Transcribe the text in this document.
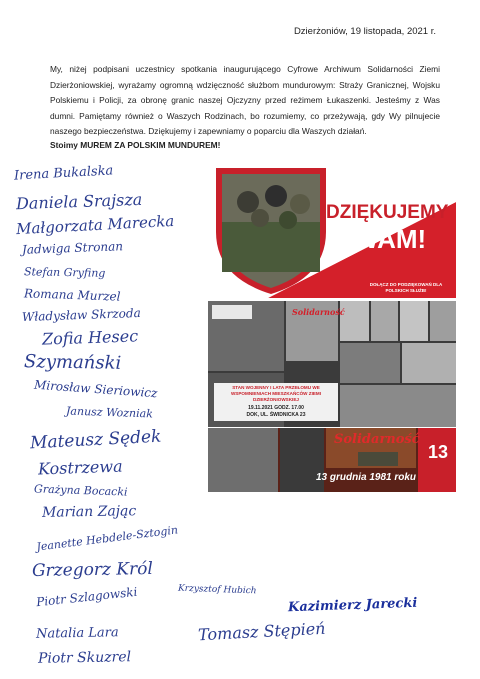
Dzierżoniów, 19 listopada, 2021 r.

My, niżej podpisani uczestnicy spotkania inaugurującego Cyfrowe Archiwum Solidarności Ziemi Dzierżoniowskiej, wyrażamy ogromną wdzięczność służbom mundurowym: Straży Granicznej, Wojsku Polskiemu i Policji, za obronę granic naszej Ojczyzny przed reżimem Łukaszenki. Jesteśmy z Was dumni. Pamiętamy również o Waszych Rodzinach, bo rozumiemy, co przeżywają, gdy Wy pilnujecie naszego bezpieczeństwa. Dziękujemy i zapewniamy o poparciu dla Waszych działań.

Stoimy MUREM ZA POLSKIM MUNDUREM!
Irena Bukalska
Daniela Srajsza
Małgorzata Marecka
Jadwiga Stronan
Stefan Gryfing
Romana Murzel
Władysław Skrzoda
Zofia Hesec
Szymański
Mirosław Sieriowicz
Janusz Wozniak
Mateusz Sędek
Kostrzewa
Grażyna Bocacki
Marian Zając
Jeanette Hebdele-Sztogin
Grzegorz Król
Piotr Szlagowski	Krzysztof Hubich
Kazimierz Jarecki
Natalia Lara
Piotr Skuzrel
Tomasz Stępień
DZIĘKUJEMY
WAM!
DOŁĄCZ DO PODZIĘKOWAŃ DLA POLSKICH SŁUŻB!
Solidarność
STAN WOJENNY I LATA PRZEŁOMU WE WSPOMNIENIACH MIESZKAŃCÓW ZIEMI DZIERŻONIOWSKIEJ
19.11.2021 GODZ. 17.00
DOK, UL. ŚWIDNICKA 23
Solidarność
13
13 grudnia 1981 roku
